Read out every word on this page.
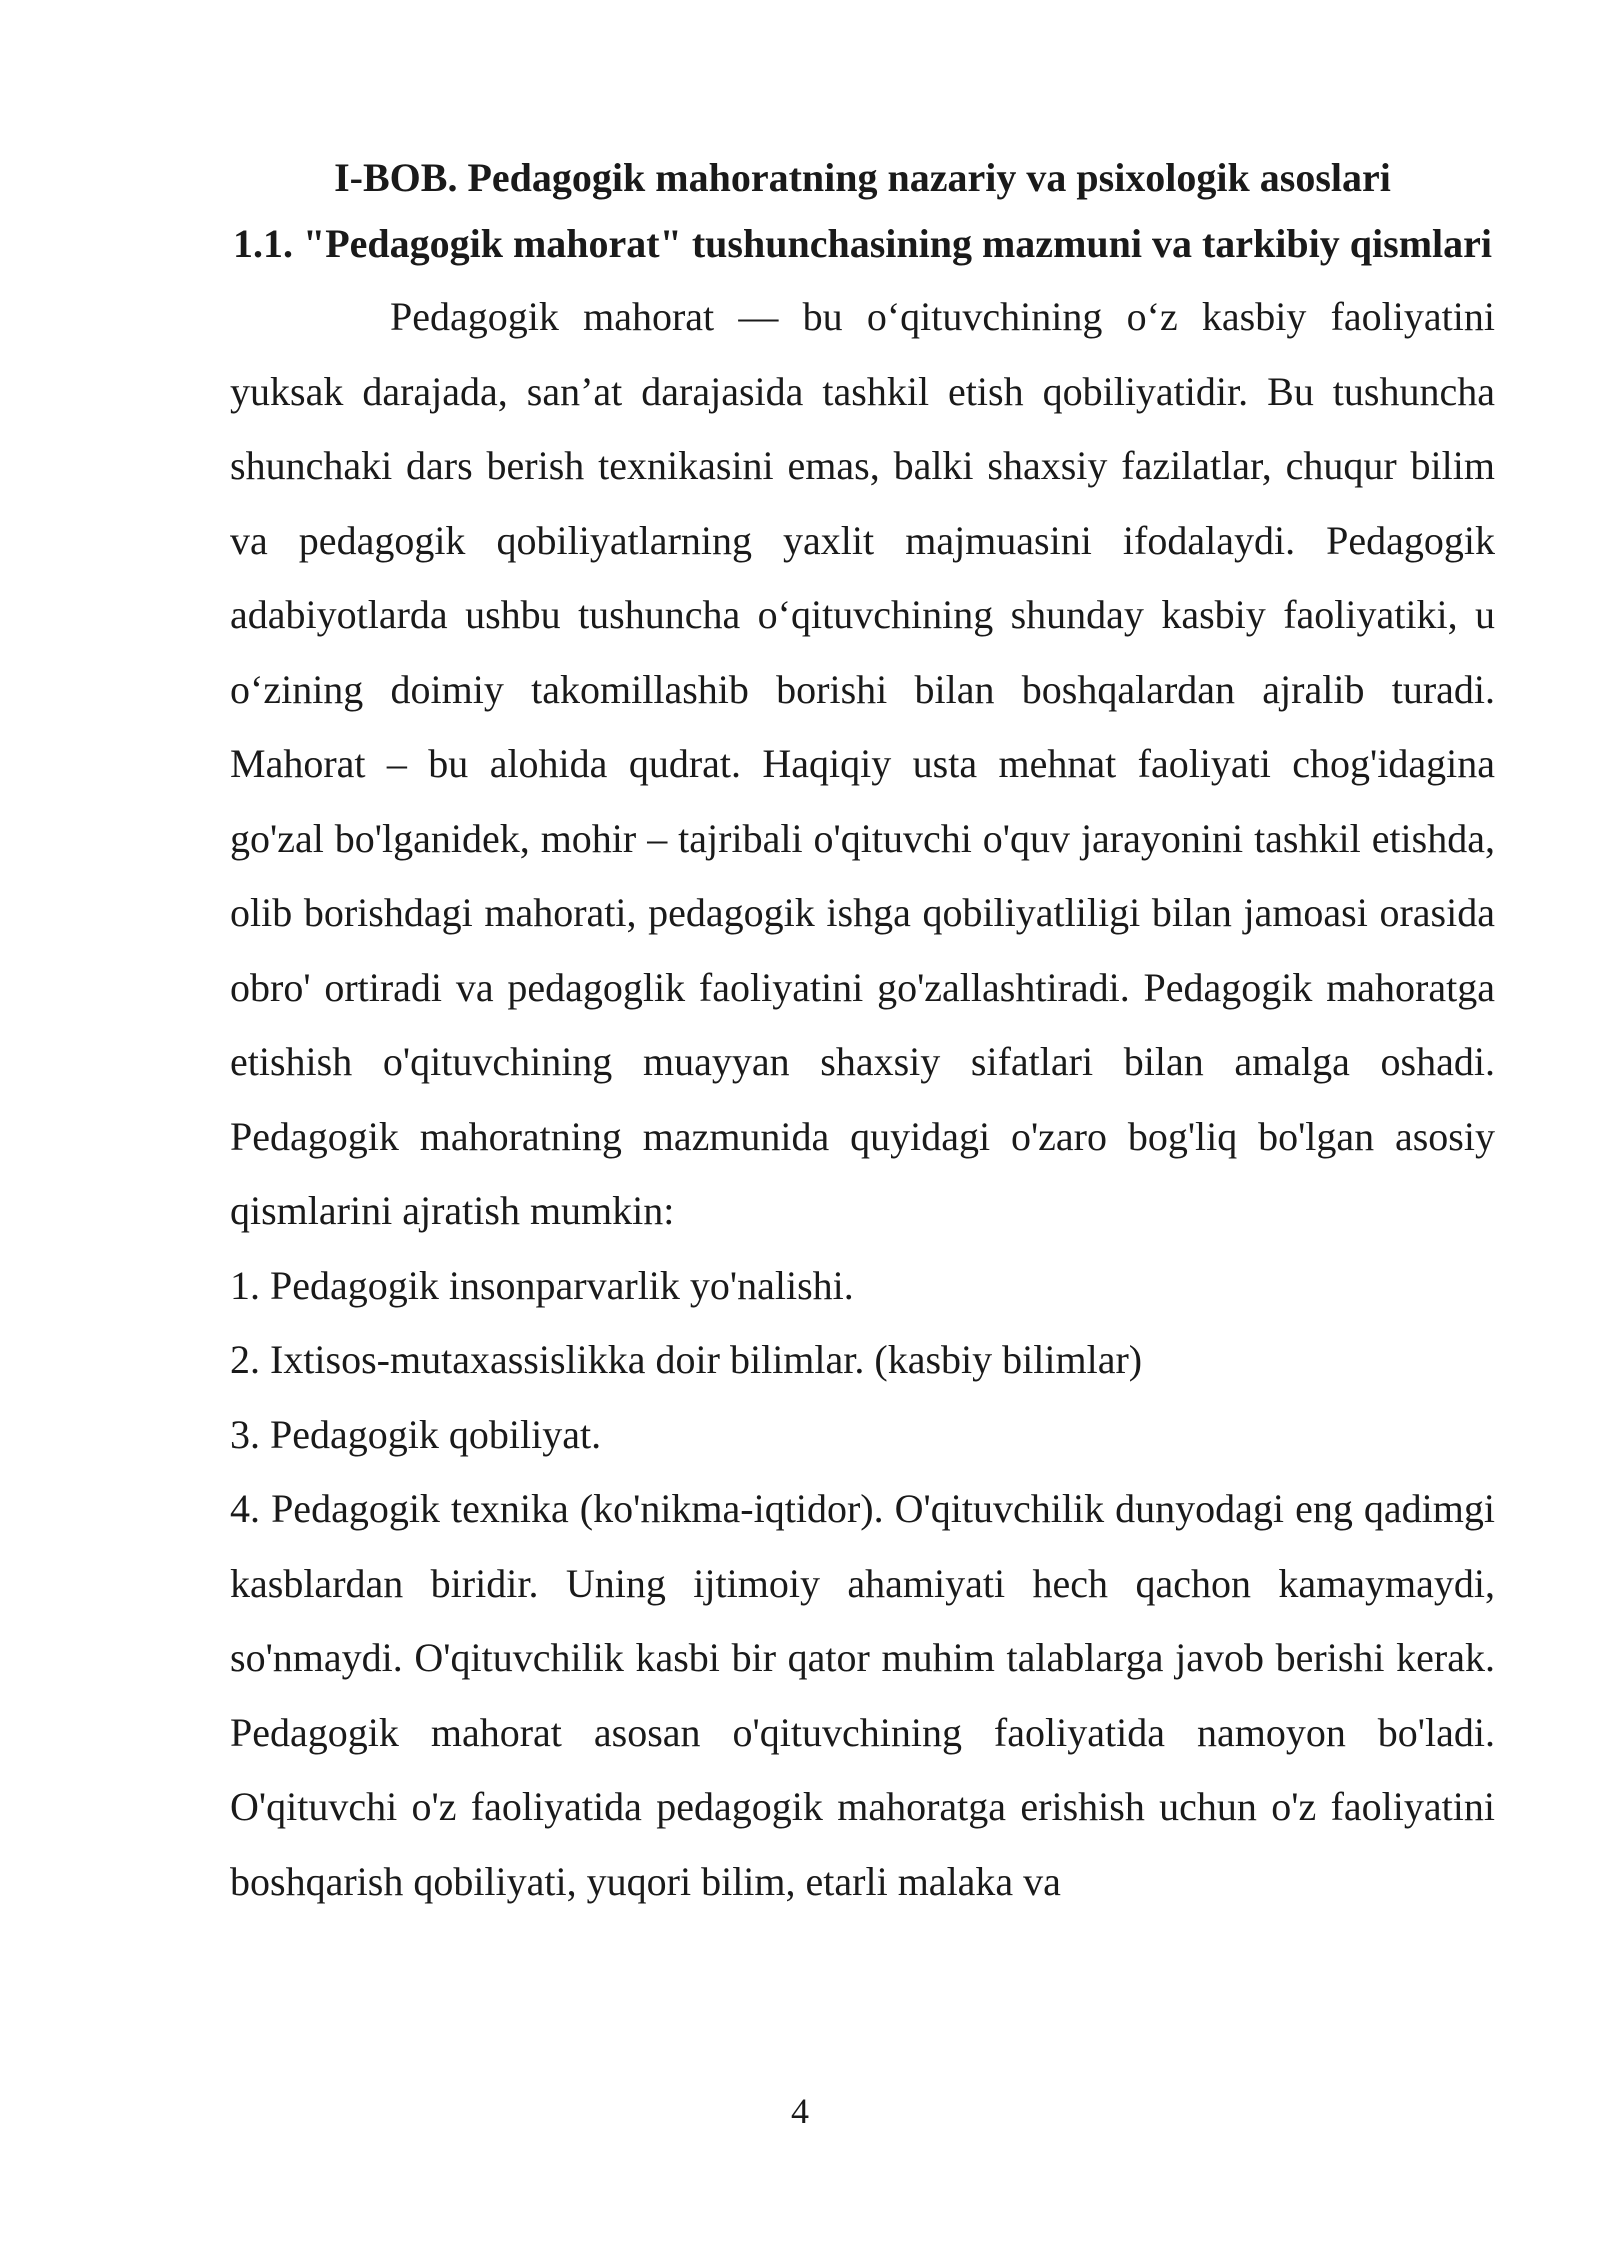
I-BOB. Pedagogik mahoratning nazariy va psixologik asoslari
1.1. "Pedagogik mahorat" tushunchasining mazmuni va tarkibiy qismlari

Pedagogik mahorat — bu o‘qituvchining o‘z kasbiy faoliyatini yuksak darajada, san’at darajasida tashkil etish qobiliyatidir. Bu tushuncha shunchaki dars berish texnikasini emas, balki shaxsiy fazilatlar, chuqur bilim va pedagogik qobiliyatlarning yaxlit majmuasini ifodalaydi. Pedagogik adabiyotlarda ushbu tushuncha o‘qituvchining shunday kasbiy faoliyatiki, u o‘zining doimiy takomillashib borishi bilan boshqalardan ajralib turadi. Mahorat – bu alohida qudrat. Haqiqiy usta mehnat faoliyati chog'idagina go'zal bo'lganidek, mohir – tajribali o'qituvchi o'quv jarayonini tashkil etishda, olib borishdagi mahorati, pedagogik ishga qobiliyatliligi bilan jamoasi orasida obro' ortiradi va pedagoglik faoliyatini go'zallashtiradi. Pedagogik mahoratga etishish o'qituvchining muayyan shaxsiy sifatlari bilan amalga oshadi. Pedagogik mahoratning mazmunida quyidagi o'zaro bog'liq bo'lgan asosiy qismlarini ajratish mumkin:

1. Pedagogik insonparvarlik yo'nalishi.

2. Ixtisos-mutaxassislikka doir bilimlar. (kasbiy bilimlar)

3. Pedagogik qobiliyat.

4. Pedagogik texnika (ko'nikma-iqtidor). O'qituvchilik dunyodagi eng qadimgi kasblardan biridir. Uning ijtimoiy ahamiyati hech qachon kamaymaydi, so'nmaydi. O'qituvchilik kasbi bir qator muhim talablarga javob berishi kerak. Pedagogik mahorat asosan o'qituvchining faoliyatida namoyon bo'ladi. O'qituvchi o'z faoliyatida pedagogik mahoratga erishish uchun o'z faoliyatini boshqarish qobiliyati, yuqori bilim, etarli malaka va

4
